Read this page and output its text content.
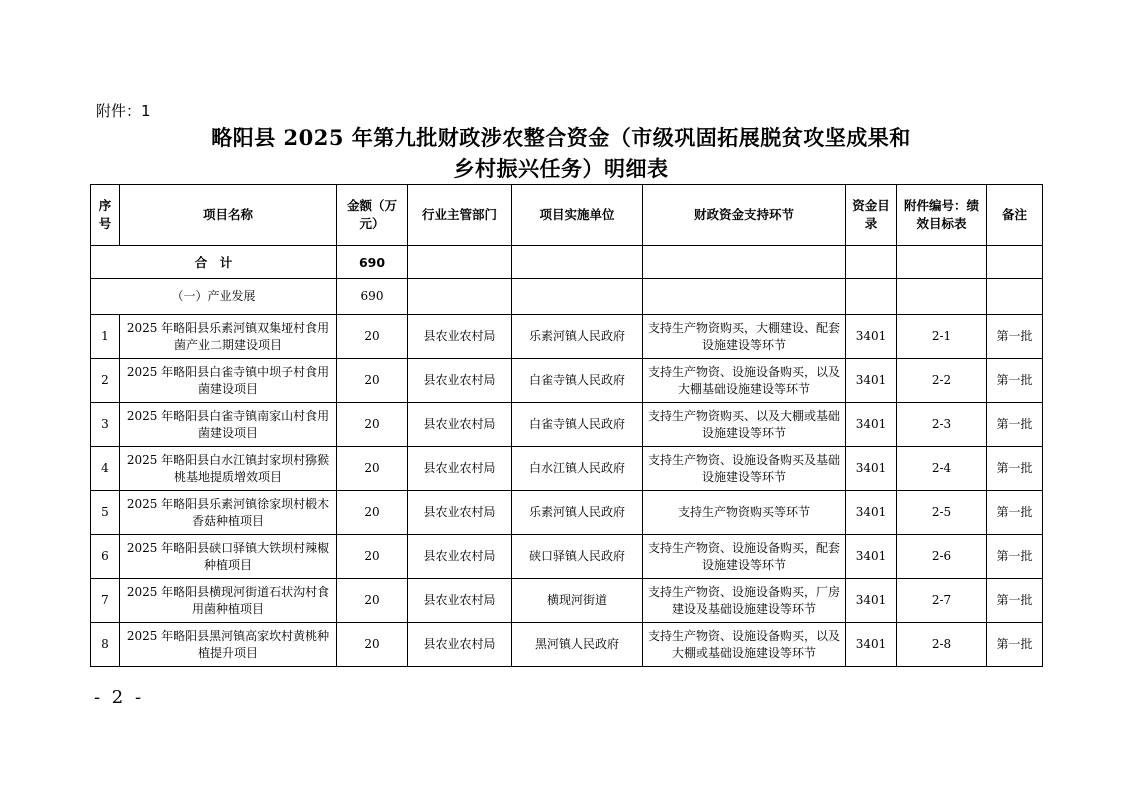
附件：1
略阳县 2025 年第九批财政涉农整合资金（市级巩固拓展脱贫攻坚成果和
乡村振兴任务）明细表
序号	项目名称	金额（万元）	行业主管部门	项目实施单位	财政资金支持环节	资金目录	附件编号：绩效目标表	备注
合　计		690						
（一）产业发展		690						
1	2025 年略阳县乐素河镇双集垭村食用菌产业二期建设项目	20	县农业农村局	乐素河镇人民政府	支持生产物资购买，大棚建设、配套设施建设等环节	3401	2-1	第一批
2	2025 年略阳县白雀寺镇中坝子村食用菌建设项目	20	县农业农村局	白雀寺镇人民政府	支持生产物资、设施设备购买，以及大棚基础设施建设等环节	3401	2-2	第一批
3	2025 年略阳县白雀寺镇南家山村食用菌建设项目	20	县农业农村局	白雀寺镇人民政府	支持生产物资购买、以及大棚或基础设施建设等环节	3401	2-3	第一批
4	2025 年略阳县白水江镇封家坝村猕猴桃基地提质增效项目	20	县农业农村局	白水江镇人民政府	支持生产物资、设施设备购买及基础设施建设等环节	3401	2-4	第一批
5	2025 年略阳县乐素河镇徐家坝村椴木香菇种植项目	20	县农业农村局	乐素河镇人民政府	支持生产物资购买等环节	3401	2-5	第一批
6	2025 年略阳县硖口驿镇大铁坝村辣椒种植项目	20	县农业农村局	硖口驿镇人民政府	支持生产物资、设施设备购买，配套设施建设等环节	3401	2-6	第一批
7	2025 年略阳县横现河街道石状沟村食用菌种植项目	20	县农业农村局	横现河街道	支持生产物资、设施设备购买，厂房建设及基础设施建设等环节	3401	2-7	第一批
8	2025 年略阳县黑河镇高家坎村黄桃种植提升项目	20	县农业农村局	黑河镇人民政府	支持生产物资、设施设备购买，以及大棚或基础设施建设等环节	3401	2-8	第一批
- 2 -
